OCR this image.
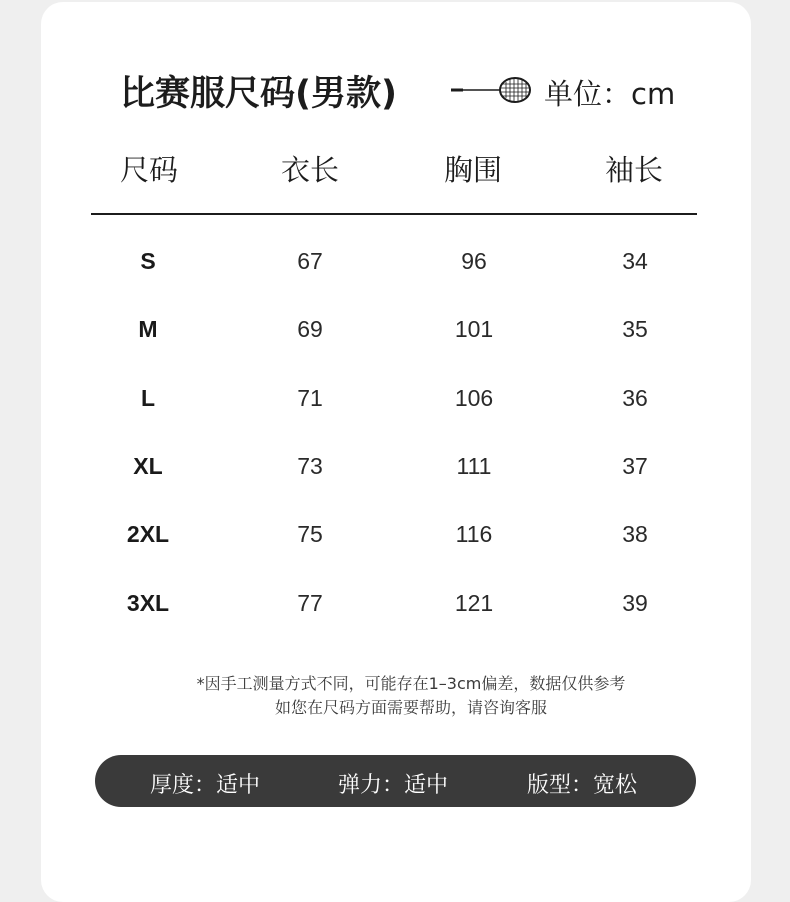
比赛服尺码(男款)	单位：cm
尺码	衣长	胸围	袖长
S	67	96	34
M	69	101	35
L	71	106	36
XL	73	111	37
2XL	75	116	38
3XL	77	121	39
*因手工测量方式不同，可能存在1–3cm偏差，数据仅供参考
如您在尺码方面需要帮助，请咨询客服
厚度：适中	弹力：适中	版型：宽松
